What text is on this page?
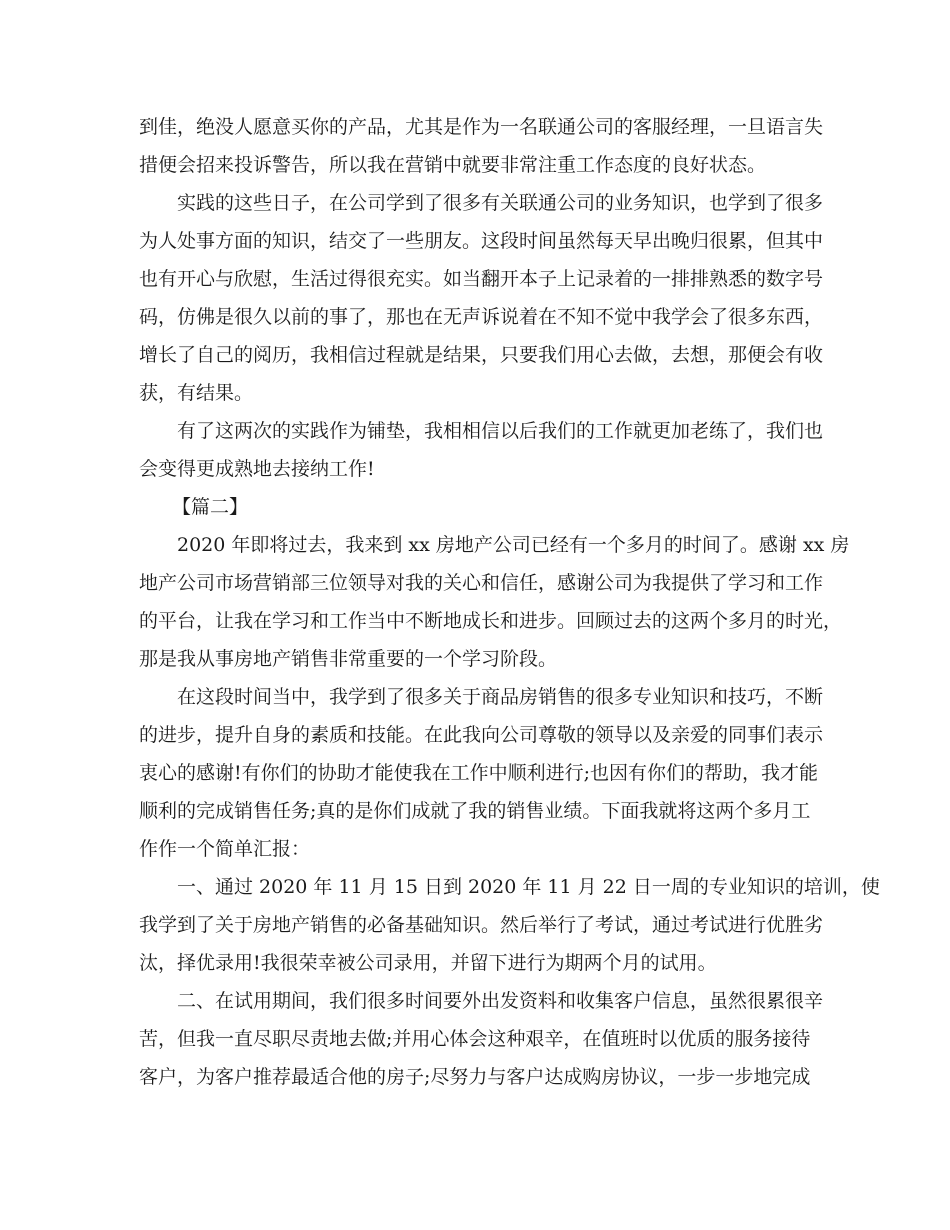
到佳，绝没人愿意买你的产品，尤其是作为一名联通公司的客服经理，一旦语言失
措便会招来投诉警告，所以我在营销中就要非常注重工作态度的良好状态。
实践的这些日子，在公司学到了很多有关联通公司的业务知识，也学到了很多
为人处事方面的知识，结交了一些朋友。这段时间虽然每天早出晚归很累，但其中
也有开心与欣慰，生活过得很充实。如当翻开本子上记录着的一排排熟悉的数字号
码，仿佛是很久以前的事了，那也在无声诉说着在不知不觉中我学会了很多东西，
增长了自己的阅历，我相信过程就是结果，只要我们用心去做，去想，那便会有收
获，有结果。
有了这两次的实践作为铺垫，我相相信以后我们的工作就更加老练了，我们也
会变得更成熟地去接纳工作!
【篇二】
2020 年即将过去，我来到 xx 房地产公司已经有一个多月的时间了。感谢 xx 房
地产公司市场营销部三位领导对我的关心和信任，感谢公司为我提供了学习和工作
的平台，让我在学习和工作当中不断地成长和进步。回顾过去的这两个多月的时光，
那是我从事房地产销售非常重要的一个学习阶段。
在这段时间当中，我学到了很多关于商品房销售的很多专业知识和技巧，不断
的进步，提升自身的素质和技能。在此我向公司尊敬的领导以及亲爱的同事们表示
衷心的感谢!有你们的协助才能使我在工作中顺利进行;也因有你们的帮助，我才能
顺利的完成销售任务;真的是你们成就了我的销售业绩。下面我就将这两个多月工
作作一个简单汇报：
一、通过 2020 年 11 月 15 日到 2020 年 11 月 22 日一周的专业知识的培训，使
我学到了关于房地产销售的必备基础知识。然后举行了考试，通过考试进行优胜劣
汰，择优录用!我很荣幸被公司录用，并留下进行为期两个月的试用。
二、在试用期间，我们很多时间要外出发资料和收集客户信息，虽然很累很辛
苦，但我一直尽职尽责地去做;并用心体会这种艰辛，在值班时以优质的服务接待
客户，为客户推荐最适合他的房子;尽努力与客户达成购房协议，一步一步地完成
